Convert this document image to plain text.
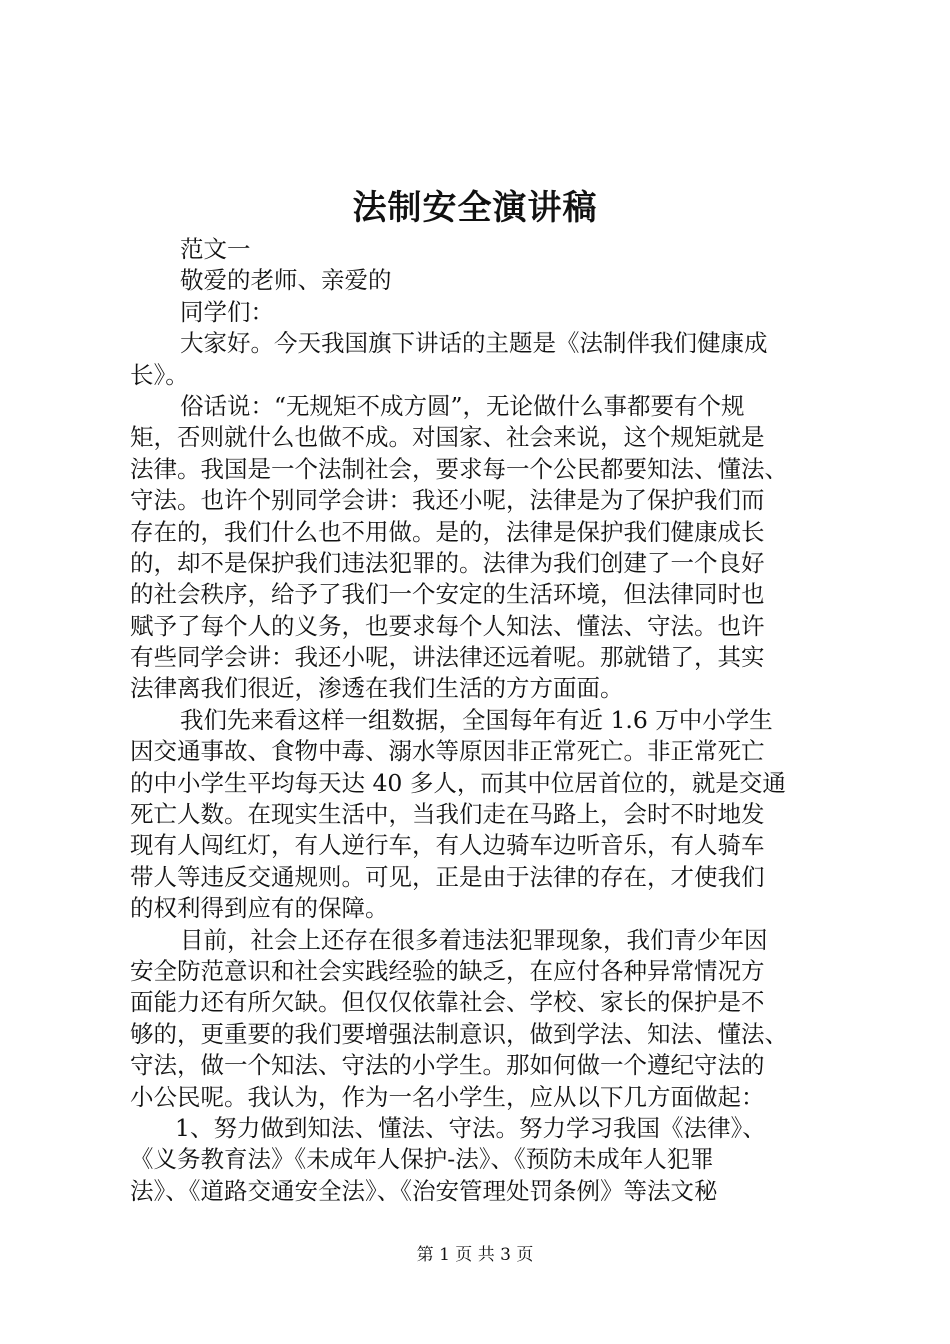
法制安全演讲稿
范文一
敬爱的老师、亲爱的
同学们：
大家好。今天我国旗下讲话的主题是《法制伴我们健康成
长》。
俗话说：“无规矩不成方圆”，无论做什么事都要有个规
矩，否则就什么也做不成。对国家、社会来说，这个规矩就是
法律。我国是一个法制社会，要求每一个公民都要知法、懂法、
守法。也许个别同学会讲：我还小呢，法律是为了保护我们而
存在的，我们什么也不用做。是的，法律是保护我们健康成长
的，却不是保护我们违法犯罪的。法律为我们创建了一个良好
的社会秩序，给予了我们一个安定的生活环境，但法律同时也
赋予了每个人的义务，也要求每个人知法、懂法、守法。也许
有些同学会讲：我还小呢，讲法律还远着呢。那就错了，其实
法律离我们很近，渗透在我们生活的方方面面。
我们先来看这样一组数据，全国每年有近 1.6 万中小学生
因交通事故、食物中毒、溺水等原因非正常死亡。非正常死亡
的中小学生平均每天达 40 多人，而其中位居首位的，就是交通
死亡人数。在现实生活中，当我们走在马路上，会时不时地发
现有人闯红灯，有人逆行车，有人边骑车边听音乐，有人骑车
带人等违反交通规则。可见，正是由于法律的存在，才使我们
的权利得到应有的保障。
目前，社会上还存在很多着违法犯罪现象，我们青少年因
安全防范意识和社会实践经验的缺乏，在应付各种异常情况方
面能力还有所欠缺。但仅仅依靠社会、学校、家长的保护是不
够的，更重要的我们要增强法制意识，做到学法、知法、懂法、
守法，做一个知法、守法的小学生。那如何做一个遵纪守法的
小公民呢。我认为，作为一名小学生，应从以下几方面做起：
1、努力做到知法、懂法、守法。努力学习我国《法律》、
《义务教育法》《未成年人保护-法》、《预防未成年人犯罪
法》、《道路交通安全法》、《治安管理处罚条例》等法文秘
第 1 页 共 3 页
